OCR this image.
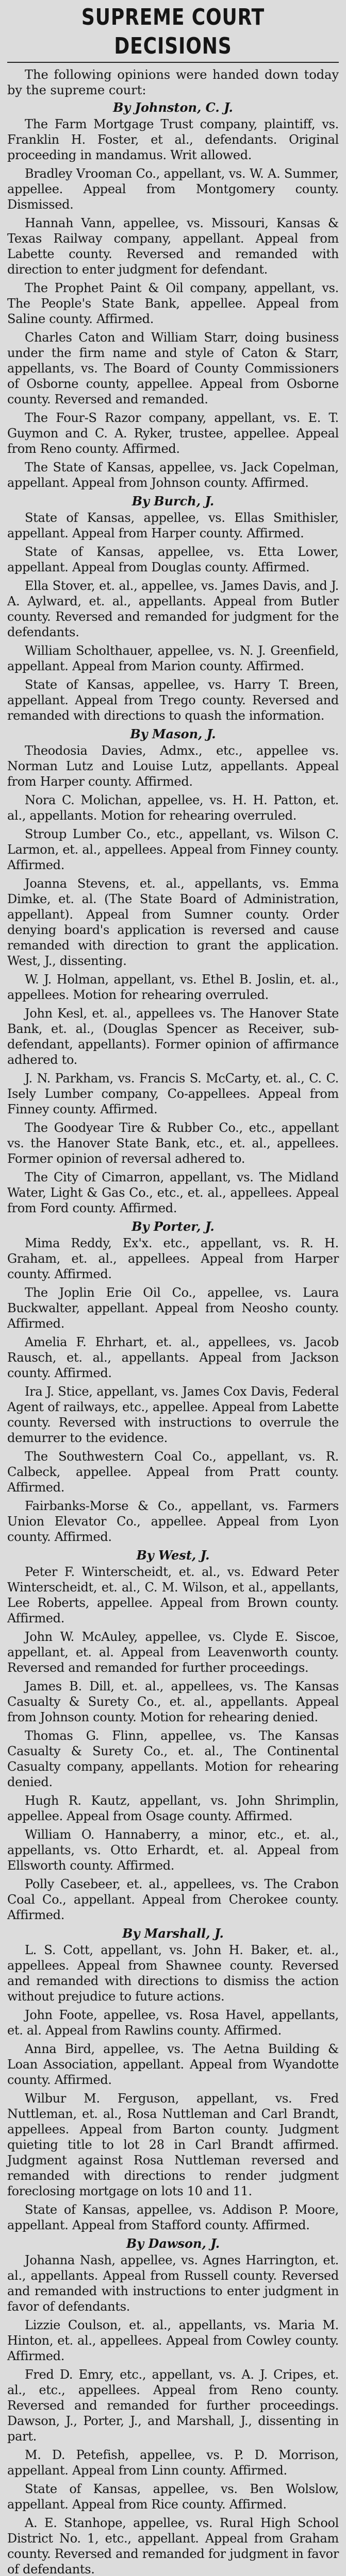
SUPREME COURT DECISIONS

The following opinions were handed down today by the supreme court:

By Johnston, C. J.

The Farm Mortgage Trust company, plaintiff, vs. Franklin H. Foster, et al., defendants. Original proceeding in mandamus. Writ allowed.

Bradley Vrooman Co., appellant, vs. W. A. Summer, appellee. Appeal from Montgomery county. Dismissed.

Hannah Vann, appellee, vs. Missouri, Kansas & Texas Railway company, appellant. Appeal from Labette county. Reversed and remanded with direction to enter judgment for defendant.

The Prophet Paint & Oil company, appellant, vs. The People's State Bank, appellee. Appeal from Saline county. Affirmed.

Charles Caton and William Starr, doing business under the firm name and style of Caton & Starr, appellants, vs. The Board of County Commissioners of Osborne county, appellee. Appeal from Osborne county. Reversed and remanded.

The Four-S Razor company, appellant, vs. E. T. Guymon and C. A. Ryker, trustee, appellee. Appeal from Reno county. Affirmed.

The State of Kansas, appellee, vs. Jack Copelman, appellant. Appeal from Johnson county. Affirmed.

By Burch, J.

State of Kansas, appellee, vs. Ellas Smithisler, appellant. Appeal from Harper county. Affirmed.

State of Kansas, appellee, vs. Etta Lower, appellant. Appeal from Douglas county. Affirmed.

Ella Stover, et. al., appellee, vs. James Davis, and J. A. Aylward, et. al., appellants. Appeal from Butler county. Reversed and remanded for judgment for the defendants.

William Scholthauer, appellee, vs. N. J. Greenfield, appellant. Appeal from Marion county. Affirmed.

State of Kansas, appellee, vs. Harry T. Breen, appellant. Appeal from Trego county. Reversed and remanded with directions to quash the information.

By Mason, J.

Theodosia Davies, Admx., etc., appellee vs. Norman Lutz and Louise Lutz, appellants. Appeal from Harper county. Affirmed.

Nora C. Molichan, appellee, vs. H. H. Patton, et. al., appellants. Motion for rehearing overruled.

Stroup Lumber Co., etc., appellant, vs. Wilson C. Larmon, et. al., appellees. Appeal from Finney county. Affirmed.

Joanna Stevens, et. al., appellants, vs. Emma Dimke, et. al. (The State Board of Administration, appellant). Appeal from Sumner county. Order denying board's application is reversed and cause remanded with direction to grant the application. West, J., dissenting.

W. J. Holman, appellant, vs. Ethel B. Joslin, et. al., appellees. Motion for rehearing overruled.

John Kesl, et. al., appellees vs. The Hanover State Bank, et. al., (Douglas Spencer as Receiver, sub-defendant, appellants). Former opinion of affirmance adhered to.

J. N. Parkham, vs. Francis S. McCarty, et. al., C. C. Isely Lumber company, Co-appellees. Appeal from Finney county. Affirmed.

The Goodyear Tire & Rubber Co., etc., appellant vs. the Hanover State Bank, etc., et. al., appellees. Former opinion of reversal adhered to.

The City of Cimarron, appellant, vs. The Midland Water, Light & Gas Co., etc., et. al., appellees. Appeal from Ford county. Affirmed.

By Porter, J.

Mima Reddy, Ex'x. etc., appellant, vs. R. H. Graham, et. al., appellees. Appeal from Harper county. Affirmed.

The Joplin Erie Oil Co., appellee, vs. Laura Buckwalter, appellant. Appeal from Neosho county. Affirmed.

Amelia F. Ehrhart, et. al., appellees, vs. Jacob Rausch, et. al., appellants. Appeal from Jackson county. Affirmed.

Ira J. Stice, appellant, vs. James Cox Davis, Federal Agent of railways, etc., appellee. Appeal from Labette county. Reversed with instructions to overrule the demurrer to the evidence.

The Southwestern Coal Co., appellant, vs. R. Calbeck, appellee. Appeal from Pratt county. Affirmed.

Fairbanks-Morse & Co., appellant, vs. Farmers Union Elevator Co., appellee. Appeal from Lyon county. Affirmed.

By West, J.

Peter F. Winterscheidt, et. al., vs. Edward Peter Winterscheidt, et. al., C. M. Wilson, et al., appellants, Lee Roberts, appellee. Appeal from Brown county. Affirmed.

John W. McAuley, appellee, vs. Clyde E. Siscoe, appellant, et. al. Appeal from Leavenworth county. Reversed and remanded for further proceedings.

James B. Dill, et. al., appellees, vs. The Kansas Casualty & Surety Co., et. al., appellants. Appeal from Johnson county. Motion for rehearing denied.

Thomas G. Flinn, appellee, vs. The Kansas Casualty & Surety Co., et. al., The Continental Casualty company, appellants. Motion for rehearing denied.

Hugh R. Kautz, appellant, vs. John Shrimplin, appellee. Appeal from Osage county. Affirmed.

William O. Hannaberry, a minor, etc., et. al., appellants, vs. Otto Erhardt, et. al. Appeal from Ellsworth county. Affirmed.

Polly Casebeer, et. al., appellees, vs. The Crabon Coal Co., appellant. Appeal from Cherokee county. Affirmed.

By Marshall, J.

L. S. Cott, appellant, vs. John H. Baker, et. al., appellees. Appeal from Shawnee county. Reversed and remanded with directions to dismiss the action without prejudice to future actions.

John Foote, appellee, vs. Rosa Havel, appellants, et. al. Appeal from Rawlins county. Affirmed.

Anna Bird, appellee, vs. The Aetna Building & Loan Association, appellant. Appeal from Wyandotte county. Affirmed.

Wilbur M. Ferguson, appellant, vs. Fred Nuttleman, et. al., Rosa Nuttleman and Carl Brandt, appellees. Appeal from Barton county. Judgment quieting title to lot 28 in Carl Brandt affirmed. Judgment against Rosa Nuttleman reversed and remanded with directions to render judgment foreclosing mortgage on lots 10 and 11.

State of Kansas, appellee, vs. Addison P. Moore, appellant. Appeal from Stafford county. Affirmed.

By Dawson, J.

Johanna Nash, appellee, vs. Agnes Harrington, et. al., appellants. Appeal from Russell county. Reversed and remanded with instructions to enter judgment in favor of defendants.

Lizzie Coulson, et. al., appellants, vs. Maria M. Hinton, et. al., appellees. Appeal from Cowley county. Affirmed.

Fred D. Emry, etc., appellant, vs. A. J. Cripes, et. al., etc., appellees. Appeal from Reno county. Reversed and remanded for further proceedings. Dawson, J., Porter, J., and Marshall, J., dissenting in part.

M. D. Petefish, appellee, vs. P. D. Morrison, appellant. Appeal from Linn county. Affirmed.

State of Kansas, appellee, vs. Ben Wolslow, appellant. Appeal from Rice county. Affirmed.

A. E. Stanhope, appellee, vs. Rural High School District No. 1, etc., appellant. Appeal from Graham county. Reversed and remanded for judgment in favor of defendants.
